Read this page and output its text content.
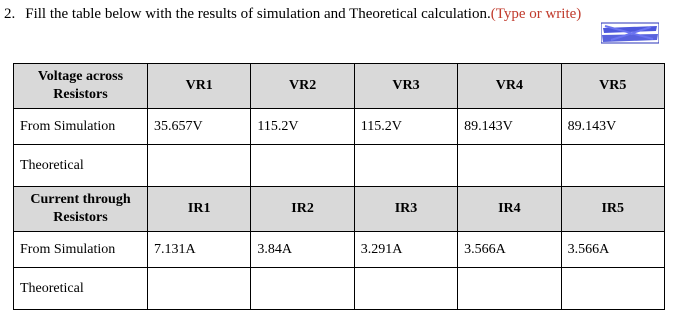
2. Fill the table below with the results of simulation and Theoretical calculation.(Type or write)
Voltage across Resistors	VR1	VR2	VR3	VR4	VR5
From Simulation	35.657V	115.2V	115.2V	89.143V	89.143V
Theoretical					
Current through Resistors	IR1	IR2	IR3	IR4	IR5
From Simulation	7.131A	3.84A	3.291A	3.566A	3.566A
Theoretical					
